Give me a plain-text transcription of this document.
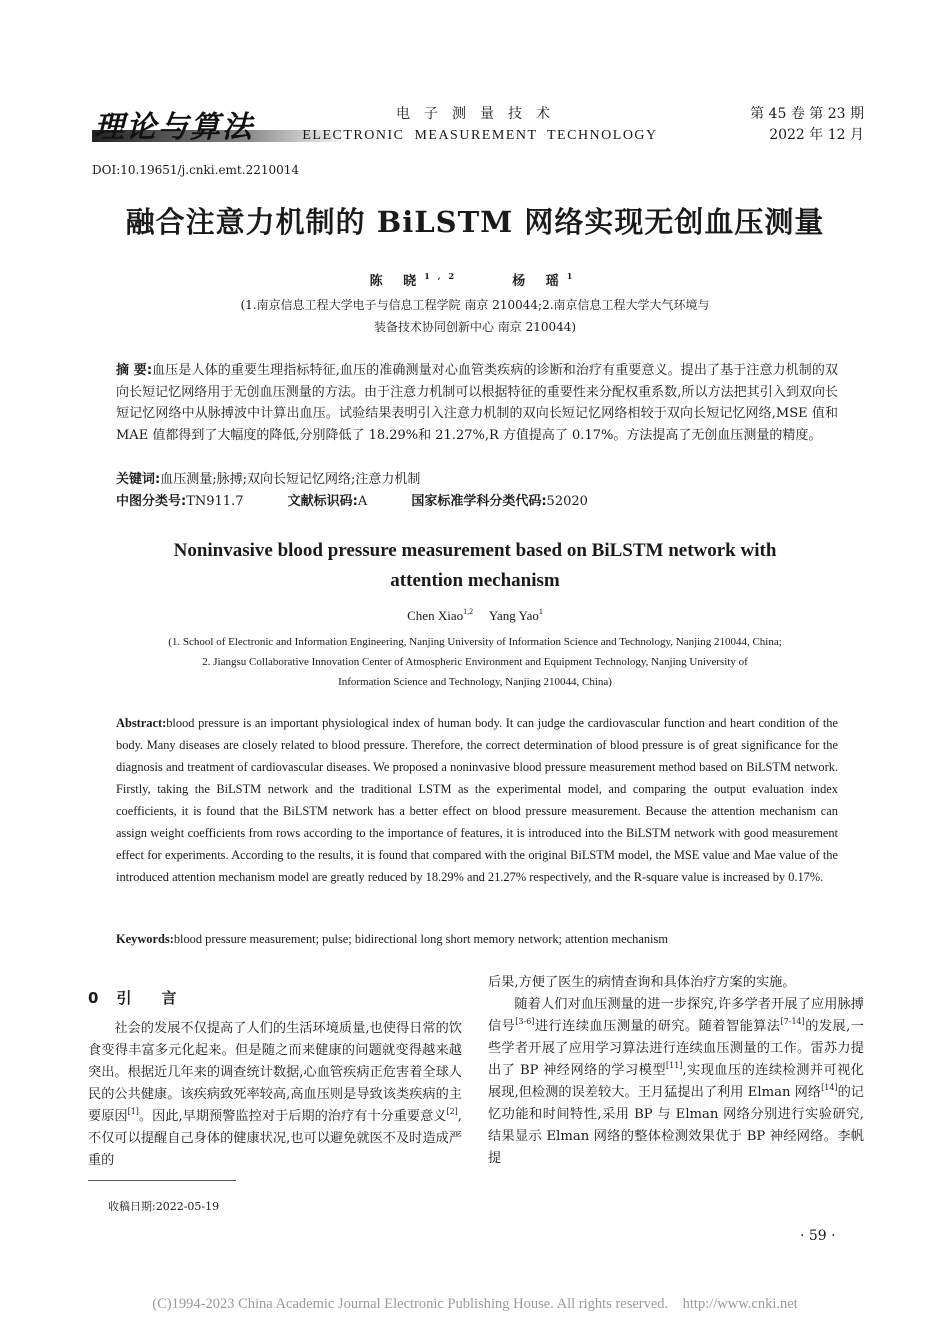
理论与算法	电子测量技术
ELECTRONIC  MEASUREMENT  TECHNOLOGY
第 45 卷 第 23 期
2022 年 12 月
DOI:10.19651/j.cnki.emt.2210014
融合注意力机制的 BiLSTM 网络实现无创血压测量
陈 晓$^{1,2}$	杨 瑶$^1$
(1.南京信息工程大学电子与信息工程学院 南京 210044;2.南京信息工程大学大气环境与
装备技术协同创新中心 南京 210044)
摘 要:血压是人体的重要生理指标特征,血压的准确测量对心血管类疾病的诊断和治疗有重要意义。提出了基于注意力机制的双向长短记忆网络用于无创血压测量的方法。由于注意力机制可以根据特征的重要性来分配权重系数,所以方法把其引入到双向长短记忆网络中从脉搏波中计算出血压。试验结果表明引入注意力机制的双向长短记忆网络相较于双向长短记忆网络,MSE 值和 MAE 值都得到了大幅度的降低,分别降低了 18.29%和 21.27%,R 方值提高了 0.17%。方法提高了无创血压测量的精度。
关键词:血压测量;脉搏;双向长短记忆网络;注意力机制
中图分类号:TN911.7	文献标识码:A	国家标准学科分类代码:52020
Noninvasive blood pressure measurement based on BiLSTM network with
attention mechanism
Chen Xiao$^{1,2}$ Yang Yao$^1$
(1. School of Electronic and Information Engineering, Nanjing University of Information Science and Technology, Nanjing 210044, China;
2. Jiangsu Collaborative Innovation Center of Atmospheric Environment and Equipment Technology, Nanjing University of
Information Science and Technology, Nanjing 210044, China)
Abstract:blood pressure is an important physiological index of human body. It can judge the cardiovascular function and heart condition of the body. Many diseases are closely related to blood pressure. Therefore, the correct determination of blood pressure is of great significance for the diagnosis and treatment of cardiovascular diseases. We proposed a noninvasive blood pressure measurement method based on BiLSTM network. Firstly, taking the BiLSTM network and the traditional LSTM as the experimental model, and comparing the output evaluation index coefficients, it is found that the BiLSTM network has a better effect on blood pressure measurement. Because the attention mechanism can assign weight coefficients from rows according to the importance of features, it is introduced into the BiLSTM network with good measurement effect for experiments. According to the results, it is found that compared with the original BiLSTM model, the MSE value and Mae value of the introduced attention mechanism model are greatly reduced by 18.29% and 21.27% respectively, and the R-square value is increased by 0.17%.
Keywords:blood pressure measurement; pulse; bidirectional long short memory network; attention mechanism
0 引言
社会的发展不仅提高了人们的生活环境质量,也使得日常的饮食变得丰富多元化起来。但是随之而来健康的问题就变得越来越突出。根据近几年来的调查统计数据,心血管疾病正危害着全球人民的公共健康。该疾病致死率较高,高血压则是导致该类疾病的主要原因[1]。因此,早期预警监控对于后期的治疗有十分重要意义[2],不仅可以提醒自己身体的健康状况,也可以避免就医不及时造成严重的

后果,方便了医生的病情查询和具体治疗方案的实施。

随着人们对血压测量的进一步探究,许多学者开展了应用脉搏信号[3-6]进行连续血压测量的研究。随着智能算法[7-14]的发展,一些学者开展了应用学习算法进行连续血压测量的工作。雷苏力提出了 BP 神经网络的学习模型[11],实现血压的连续检测并可视化展现,但检测的误差较大。王月猛提出了利用 Elman 网络[14]的记忆功能和时间特性,采用 BP 与 Elman 网络分别进行实验研究,结果显示 Elman 网络的整体检测效果优于 BP 神经网络。李帆提

收稿日期:2022-05-19
· 59 ·
(C)1994-2023 China Academic Journal Electronic Publishing House. All rights reserved.    http://www.cnki.net
